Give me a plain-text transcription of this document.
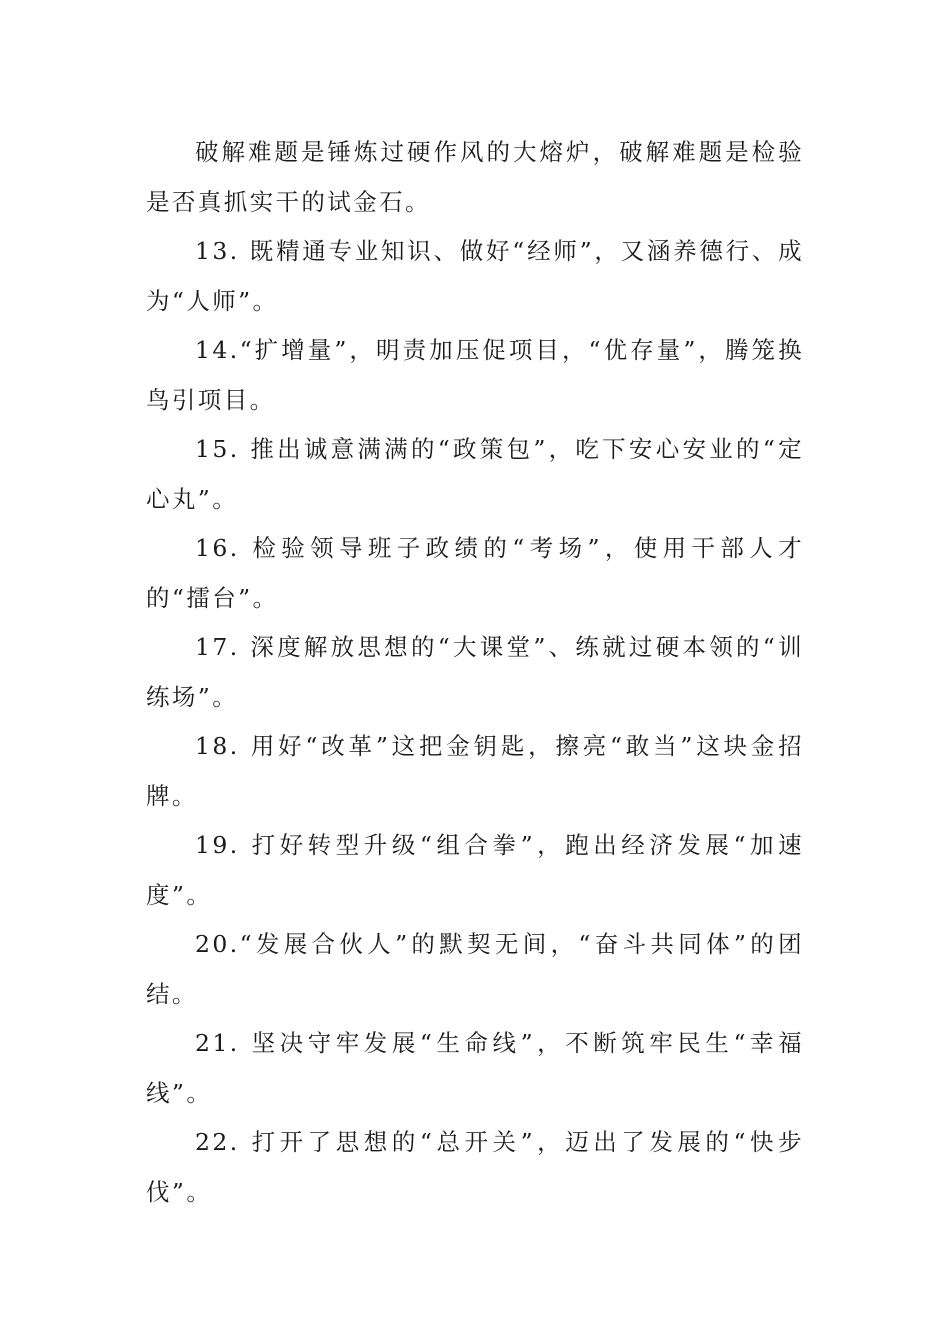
破解难题是锤炼过硬作风的大熔炉，破解难题是检验是否真抓实干的试金石。

13. 既精通专业知识、做好“经师”，又涵养德行、成为“人师”。

14.“扩增量”，明责加压促项目，“优存量”，腾笼换鸟引项目。

15. 推出诚意满满的“政策包”，吃下安心安业的“定心丸”。

16. 检验领导班子政绩的“考场”，使用干部人才的“擂台”。

17. 深度解放思想的“大课堂”、练就过硬本领的“训练场”。

18. 用好“改革”这把金钥匙，擦亮“敢当”这块金招牌。

19. 打好转型升级“组合拳”，跑出经济发展“加速度”。

20.“发展合伙人”的默契无间，“奋斗共同体”的团结。

21. 坚决守牢发展“生命线”，不断筑牢民生“幸福线”。

22. 打开了思想的“总开关”，迈出了发展的“快步伐”。
